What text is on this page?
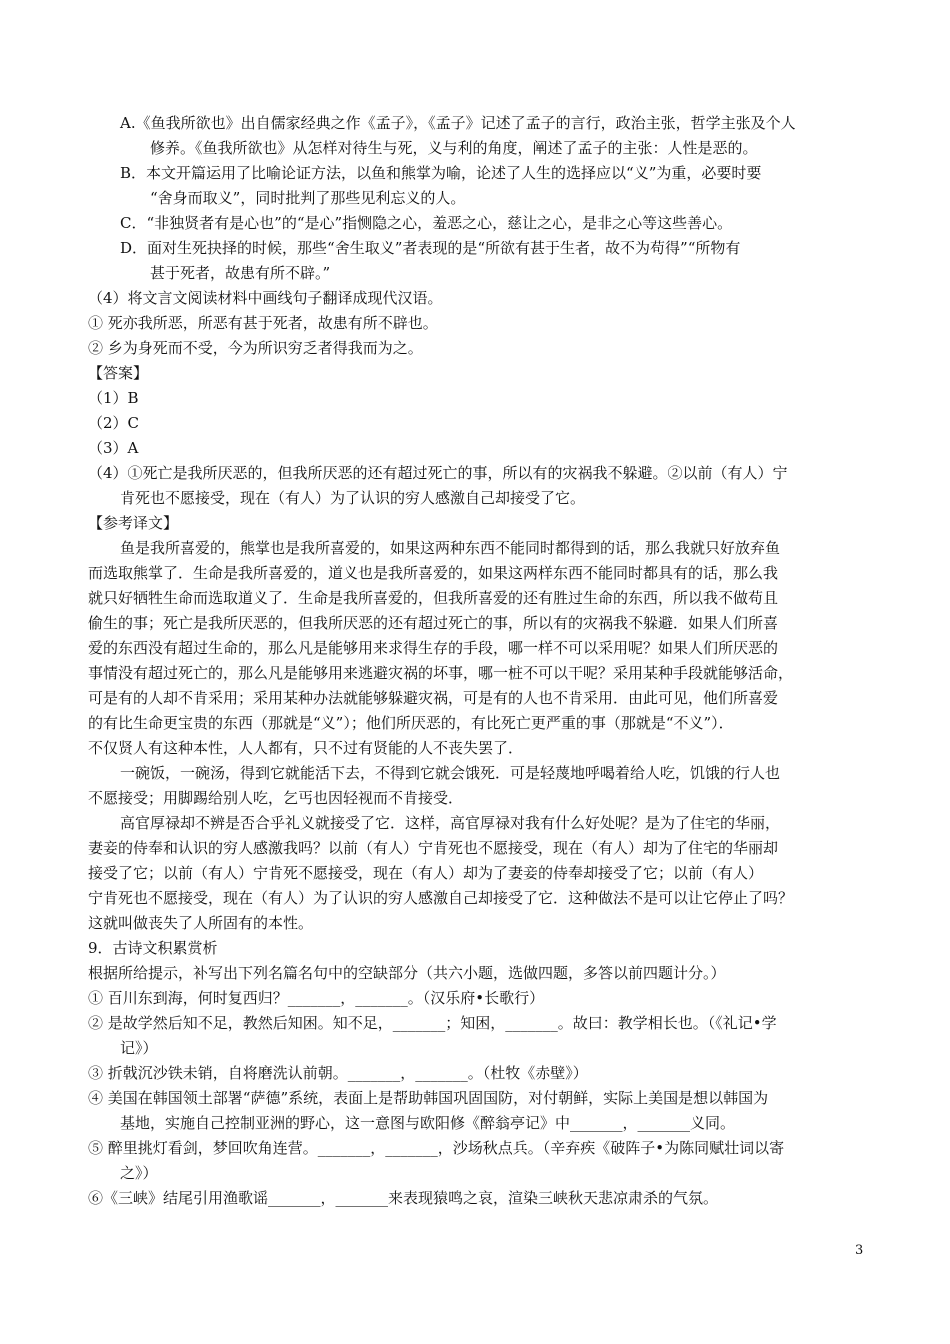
A.《鱼我所欲也》出自儒家经典之作《孟子》，《孟子》记述了孟子的言行，政治主张，哲学主张及个人
修养。《鱼我所欲也》从怎样对待生与死，义与利的角度，阐述了孟子的主张：人性是恶的。
B．本文开篇运用了比喻论证方法，以鱼和熊掌为喻，论述了人生的选择应以“义”为重，必要时要
“舍身而取义”，同时批判了那些见利忘义的人。
C．“非独贤者有是心也”的“是心”指恻隐之心，羞恶之心，慈让之心，是非之心等这些善心。
D．面对生死抉择的时候，那些“舍生取义”者表现的是“所欲有甚于生者，故不为苟得”“所物有
甚于死者，故患有所不辟。”
（4）将文言文阅读材料中画线句子翻译成现代汉语。
① 死亦我所恶，所恶有甚于死者，故患有所不辟也。
② 乡为身死而不受，今为所识穷乏者得我而为之。
【答案】
（1）B
（2）C
（3）A
（4）①死亡是我所厌恶的，但我所厌恶的还有超过死亡的事，所以有的灾祸我不躲避。②以前（有人）宁
肯死也不愿接受，现在（有人）为了认识的穷人感激自己却接受了它。
【参考译文】
鱼是我所喜爱的，熊掌也是我所喜爱的，如果这两种东西不能同时都得到的话，那么我就只好放弃鱼
而选取熊掌了．生命是我所喜爱的，道义也是我所喜爱的，如果这两样东西不能同时都具有的话，那么我
就只好牺牲生命而选取道义了．生命是我所喜爱的，但我所喜爱的还有胜过生命的东西，所以我不做苟且
偷生的事；死亡是我所厌恶的，但我所厌恶的还有超过死亡的事，所以有的灾祸我不躲避．如果人们所喜
爱的东西没有超过生命的，那么凡是能够用来求得生存的手段，哪一样不可以采用呢？如果人们所厌恶的
事情没有超过死亡的，那么凡是能够用来逃避灾祸的坏事，哪一桩不可以干呢？采用某种手段就能够活命，
可是有的人却不肯采用；采用某种办法就能够躲避灾祸，可是有的人也不肯采用．由此可见，他们所喜爱
的有比生命更宝贵的东西（那就是“义”）；他们所厌恶的，有比死亡更严重的事（那就是“不义”）．
不仅贤人有这种本性，人人都有，只不过有贤能的人不丧失罢了．
一碗饭，一碗汤，得到它就能活下去，不得到它就会饿死．可是轻蔑地呼喝着给人吃，饥饿的行人也
不愿接受；用脚踢给别人吃，乞丐也因轻视而不肯接受．
高官厚禄却不辨是否合乎礼义就接受了它．这样，高官厚禄对我有什么好处呢？是为了住宅的华丽，
妻妾的侍奉和认识的穷人感激我吗？以前（有人）宁肯死也不愿接受，现在（有人）却为了住宅的华丽却
接受了它；以前（有人）宁肯死不愿接受，现在（有人）却为了妻妾的侍奉却接受了它；以前（有人）
宁肯死也不愿接受，现在（有人）为了认识的穷人感激自己却接受了它．这种做法不是可以让它停止了吗？
这就叫做丧失了人所固有的本性。
9．古诗文积累赏析
根据所给提示，补写出下列名篇名句中的空缺部分（共六小题，选做四题，多答以前四题计分。）
① 百川东到海，何时复西归？_______，_______。（汉乐府•长歌行）
② 是故学然后知不足，教然后知困。知不足，_______；知困，_______。故曰：教学相长也。（《礼记•学
记》）
③ 折戟沉沙铁未销，自将磨洗认前朝。_______，_______。（杜牧《赤壁》）
④ 美国在韩国领土部署“萨德”系统，表面上是帮助韩国巩固国防，对付朝鲜，实际上美国是想以韩国为
基地，实施自己控制亚洲的野心，这一意图与欧阳修《醉翁亭记》中_______，_______义同。
⑤ 醉里挑灯看剑，梦回吹角连营。_______，_______，沙场秋点兵。（辛弃疾《破阵子•为陈同赋壮词以寄
之》）
⑥《三峡》结尾引用渔歌谣_______，_______来表现猿鸣之哀，渲染三峡秋天悲凉肃杀的气氛。
3
